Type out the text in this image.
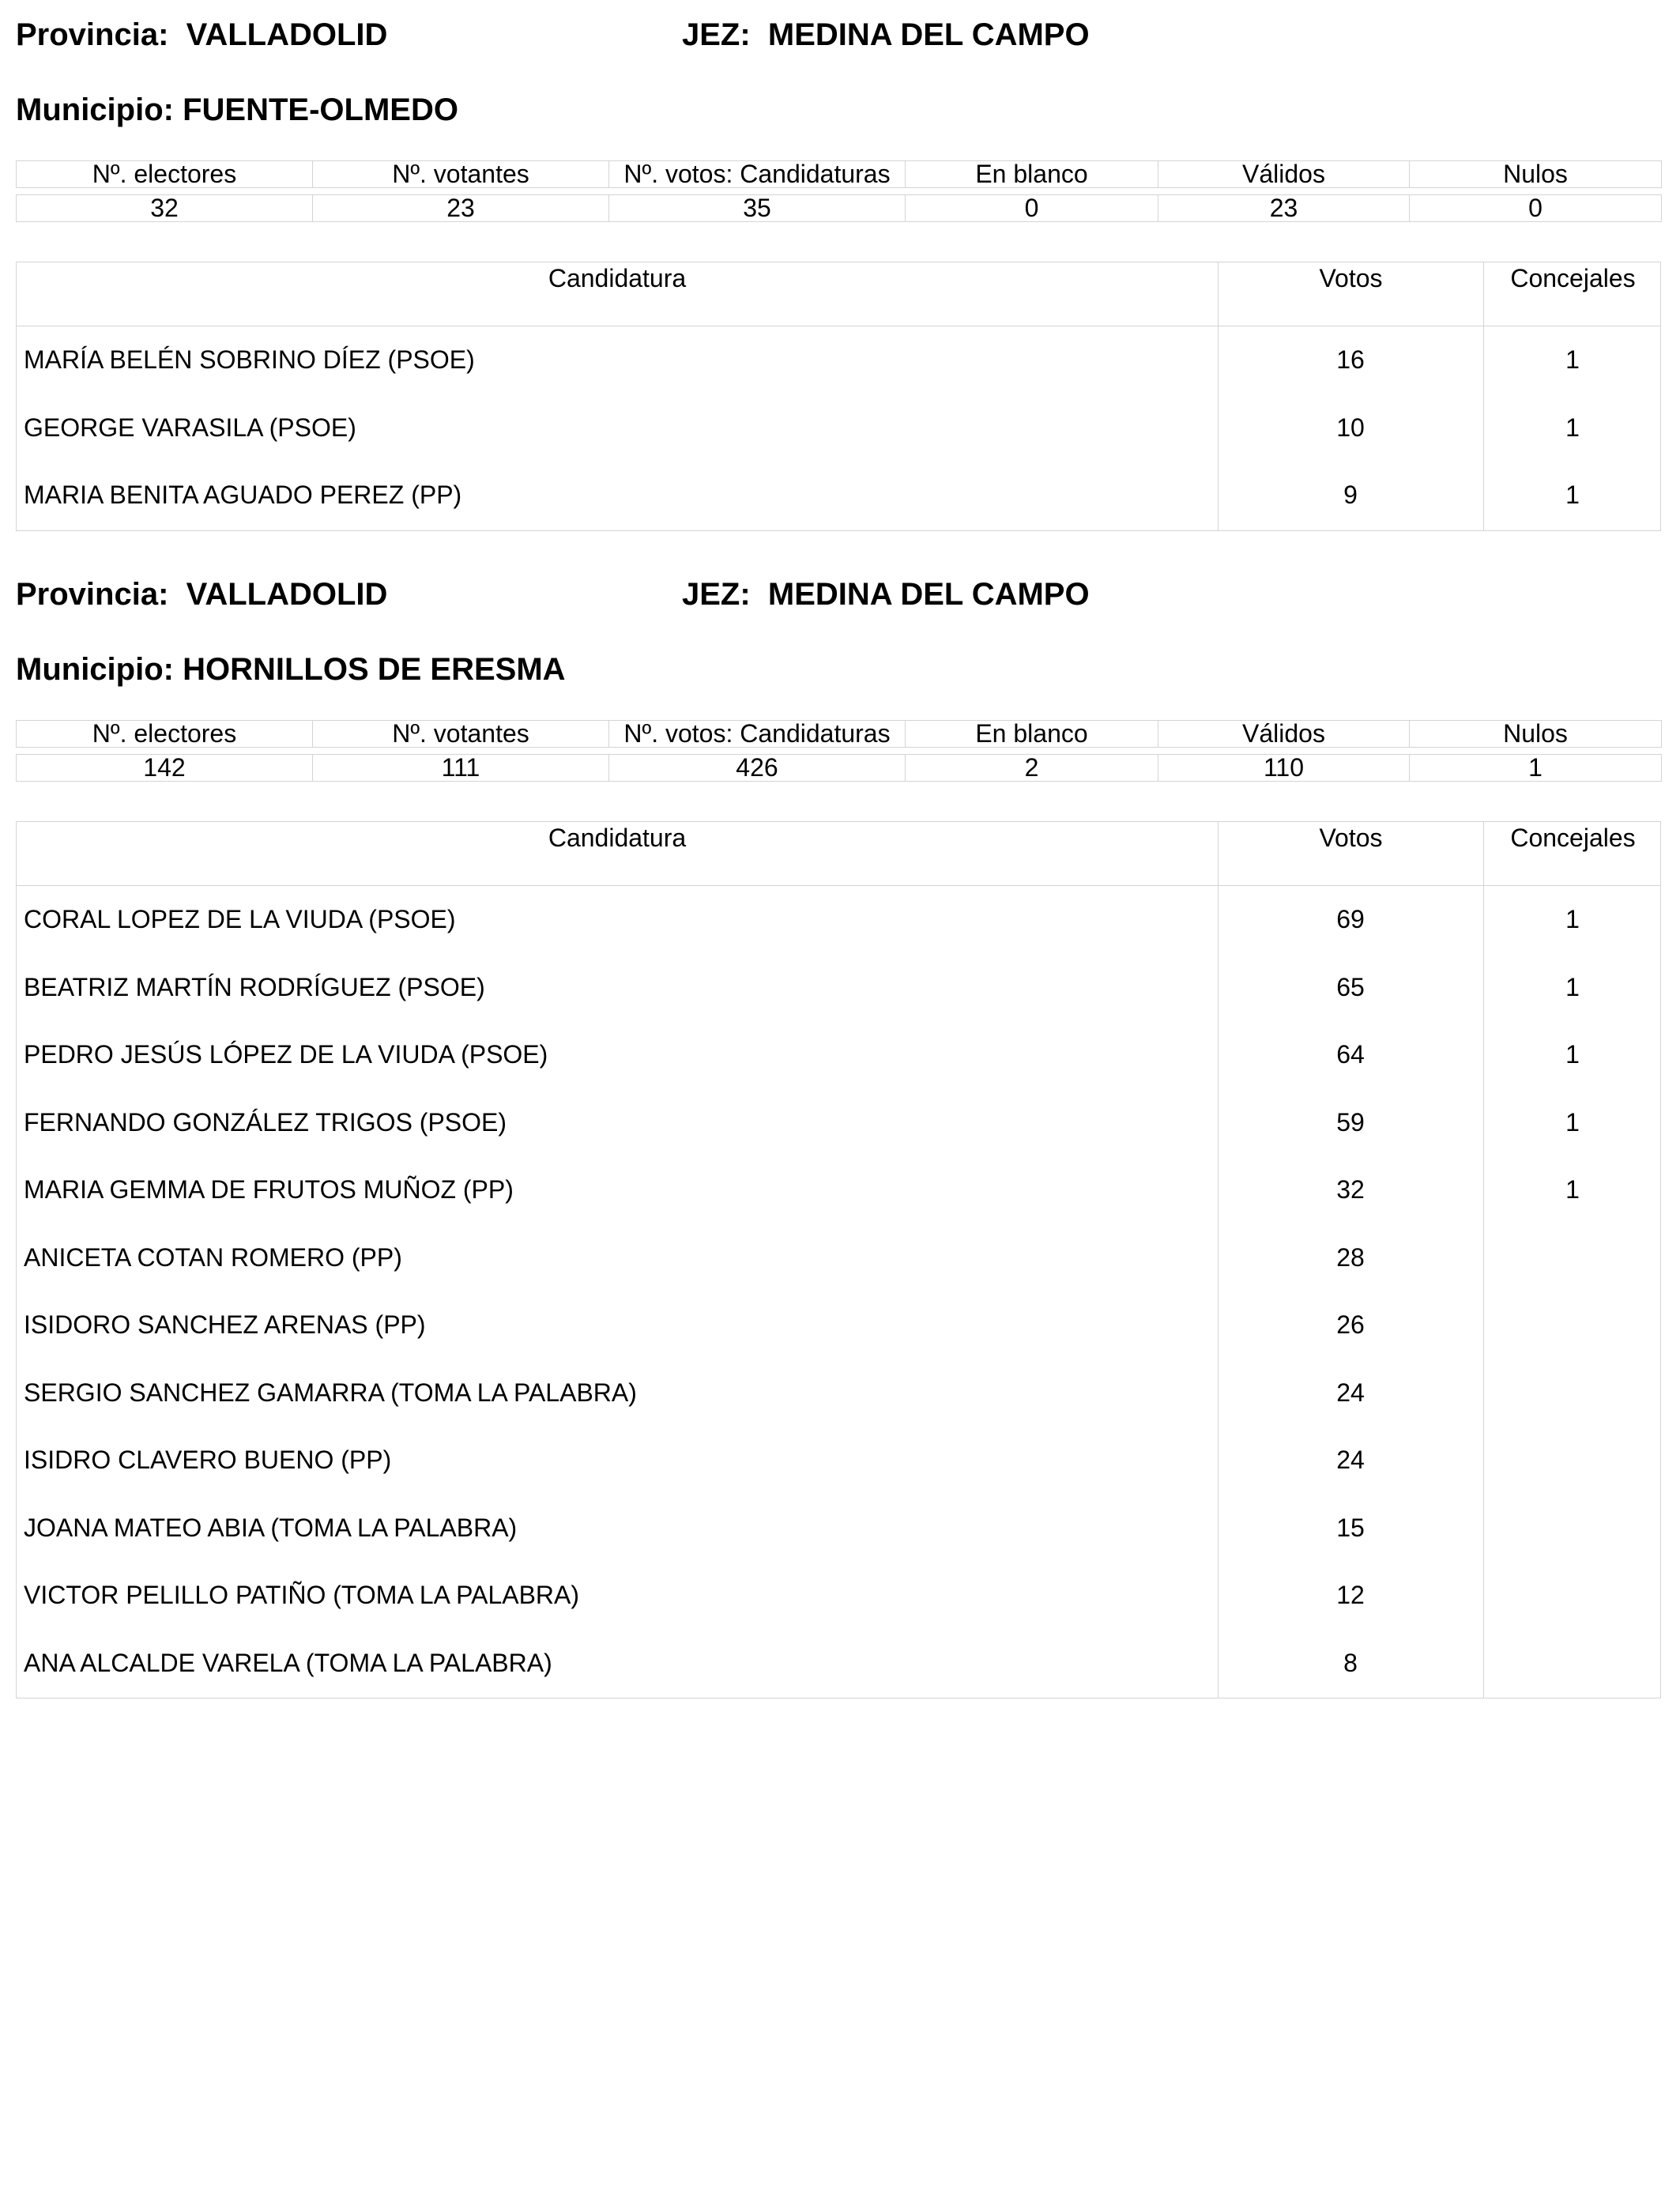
Provincia: VALLADOLID	JEZ: MEDINA DEL CAMPO
Municipio: FUENTE-OLMEDO
Nº. electores	Nº. votantes	Nº. votos: Candidaturas	En blanco	Válidos	Nulos

32	23	35	0	23	0
Candidatura	Votos	Concejales
MARÍA BELÉN SOBRINO DÍEZ (PSOE)	16	1
GEORGE VARASILA (PSOE)	10	1
MARIA BENITA AGUADO PEREZ (PP)	9	1
Provincia: VALLADOLID	JEZ: MEDINA DEL CAMPO
Municipio: HORNILLOS DE ERESMA
Nº. electores	Nº. votantes	Nº. votos: Candidaturas	En blanco	Válidos	Nulos

142	111	426	2	110	1
Candidatura	Votos	Concejales
CORAL LOPEZ DE LA VIUDA (PSOE)	69	1
BEATRIZ MARTÍN RODRÍGUEZ (PSOE)	65	1
PEDRO JESÚS LÓPEZ DE LA VIUDA (PSOE)	64	1
FERNANDO GONZÁLEZ TRIGOS (PSOE)	59	1
MARIA GEMMA DE FRUTOS MUÑOZ (PP)	32	1
ANICETA COTAN ROMERO (PP)	28
ISIDORO SANCHEZ ARENAS (PP)	26
SERGIO SANCHEZ GAMARRA (TOMA LA PALABRA)	24
ISIDRO CLAVERO BUENO (PP)	24
JOANA MATEO ABIA (TOMA LA PALABRA)	15
VICTOR PELILLO PATIÑO (TOMA LA PALABRA)	12
ANA ALCALDE VARELA (TOMA LA PALABRA)	8
